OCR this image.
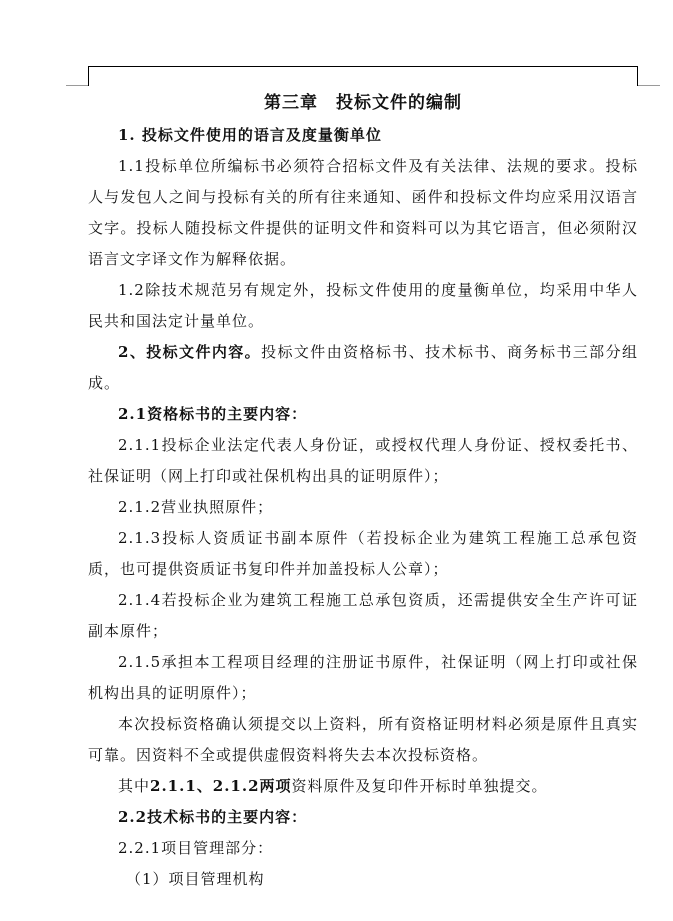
第三章 投标文件的编制

1. 投标文件使用的语言及度量衡单位

1.1投标单位所编标书必须符合招标文件及有关法律、法规的要求。投标人与发包人之间与投标有关的所有往来通知、函件和投标文件均应采用汉语言文字。投标人随投标文件提供的证明文件和资料可以为其它语言，但必须附汉语言文字译文作为解释依据。

1.2除技术规范另有规定外，投标文件使用的度量衡单位，均采用中华人民共和国法定计量单位。

2、投标文件内容。投标文件由资格标书、技术标书、商务标书三部分组成。

2.1资格标书的主要内容：

2.1.1投标企业法定代表人身份证，或授权代理人身份证、授权委托书、社保证明（网上打印或社保机构出具的证明原件）；

2.1.2营业执照原件；

2.1.3投标人资质证书副本原件（若投标企业为建筑工程施工总承包资质，也可提供资质证书复印件并加盖投标人公章）；

2.1.4若投标企业为建筑工程施工总承包资质，还需提供安全生产许可证副本原件；

2.1.5承担本工程项目经理的注册证书原件，社保证明（网上打印或社保机构出具的证明原件）；

本次投标资格确认须提交以上资料，所有资格证明材料必须是原件且真实可靠。因资料不全或提供虚假资料将失去本次投标资格。

其中2.1.1、2.1.2两项资料原件及复印件开标时单独提交。

2.2技术标书的主要内容：

2.2.1项目管理部分：

（1）项目管理机构
